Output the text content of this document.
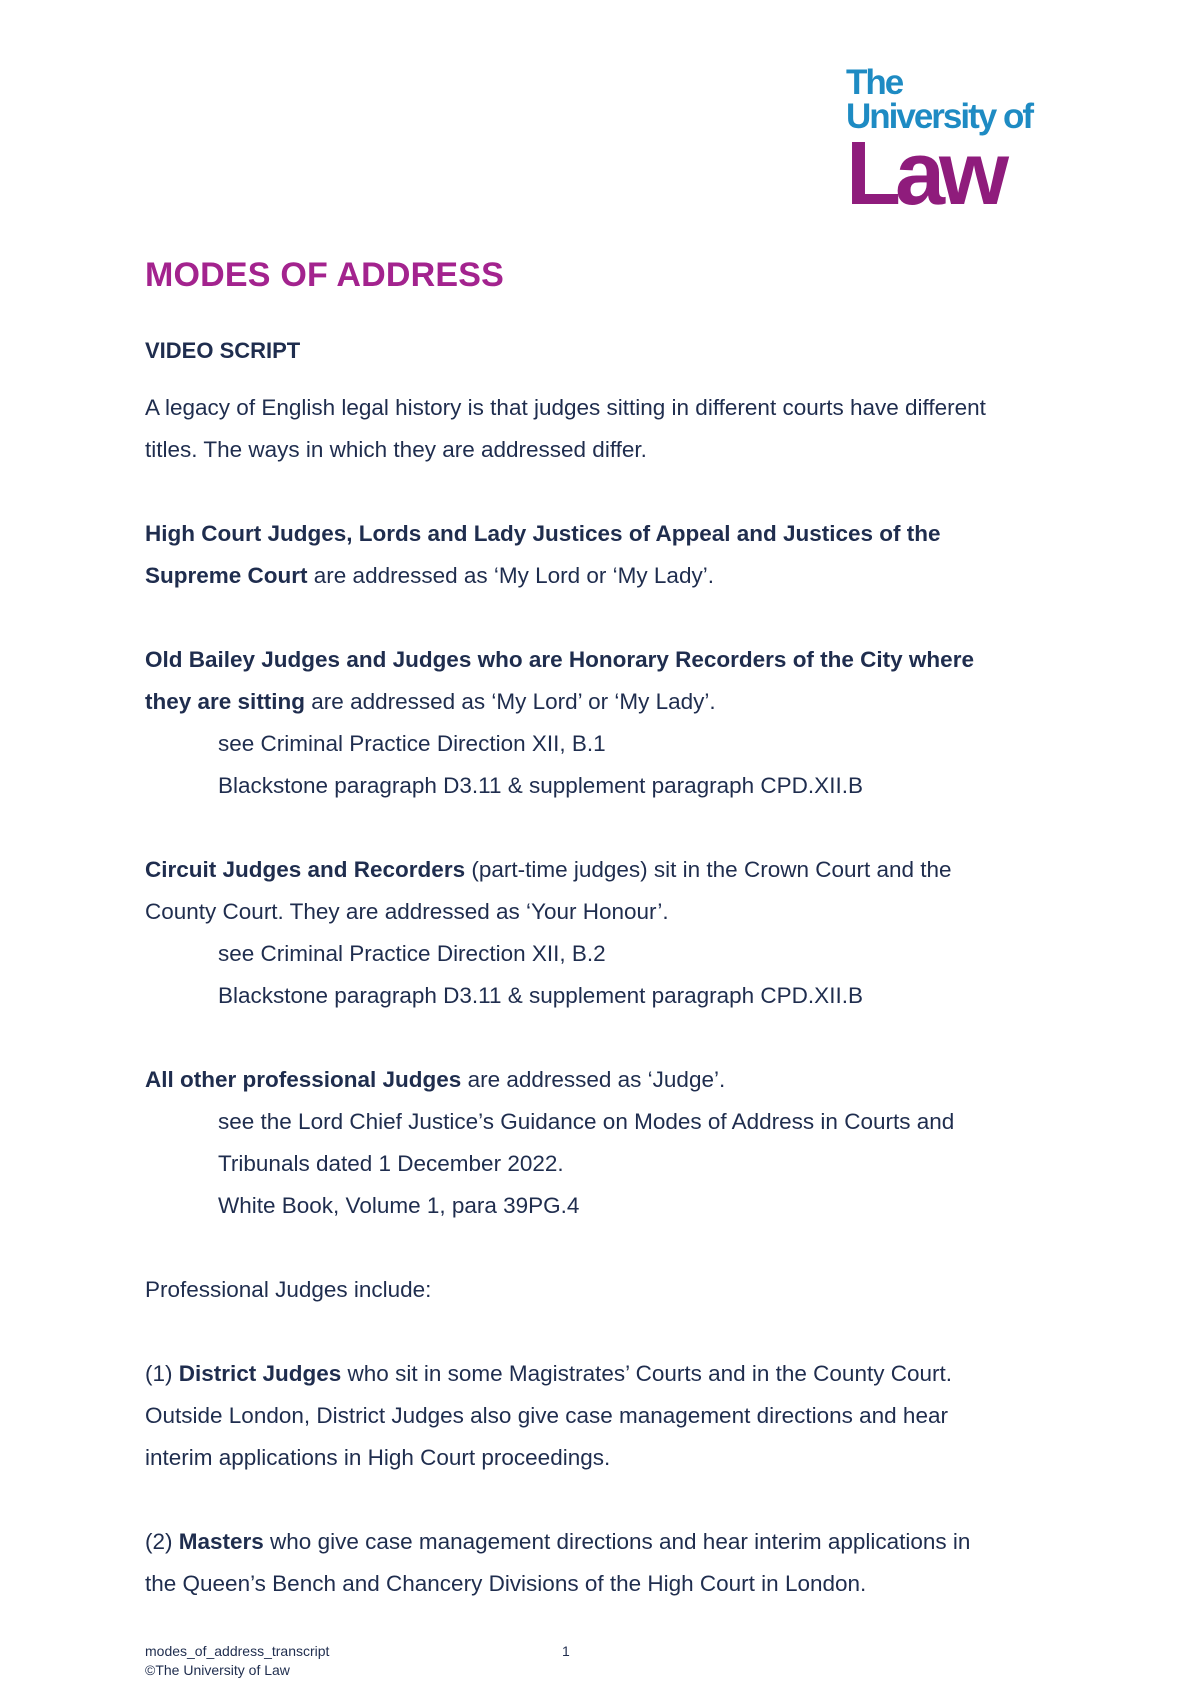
The
University of
Law
MODES OF ADDRESS
VIDEO SCRIPT
A legacy of English legal history is that judges sitting in different courts have different
titles. The ways in which they are addressed differ.
High Court Judges, Lords and Lady Justices of Appeal and Justices of the
Supreme Court are addressed as ‘My Lord or ‘My Lady’.
Old Bailey Judges and Judges who are Honorary Recorders of the City where
they are sitting are addressed as ‘My Lord’ or ‘My Lady’.
see Criminal Practice Direction XII, B.1
Blackstone paragraph D3.11 & supplement paragraph CPD.XII.B
Circuit Judges and Recorders (part-time judges) sit in the Crown Court and the
County Court. They are addressed as ‘Your Honour’.
see Criminal Practice Direction XII, B.2
Blackstone paragraph D3.11 & supplement paragraph CPD.XII.B
All other professional Judges are addressed as ‘Judge’.
see the Lord Chief Justice’s Guidance on Modes of Address in Courts and
Tribunals dated 1 December 2022.
White Book, Volume 1, para 39PG.4
Professional Judges include:
(1) District Judges who sit in some Magistrates’ Courts and in the County Court.
Outside London, District Judges also give case management directions and hear
interim applications in High Court proceedings.
(2) Masters who give case management directions and hear interim applications in
the Queen’s Bench and Chancery Divisions of the High Court in London.
modes_of_address_transcript	1
©The University of Law
